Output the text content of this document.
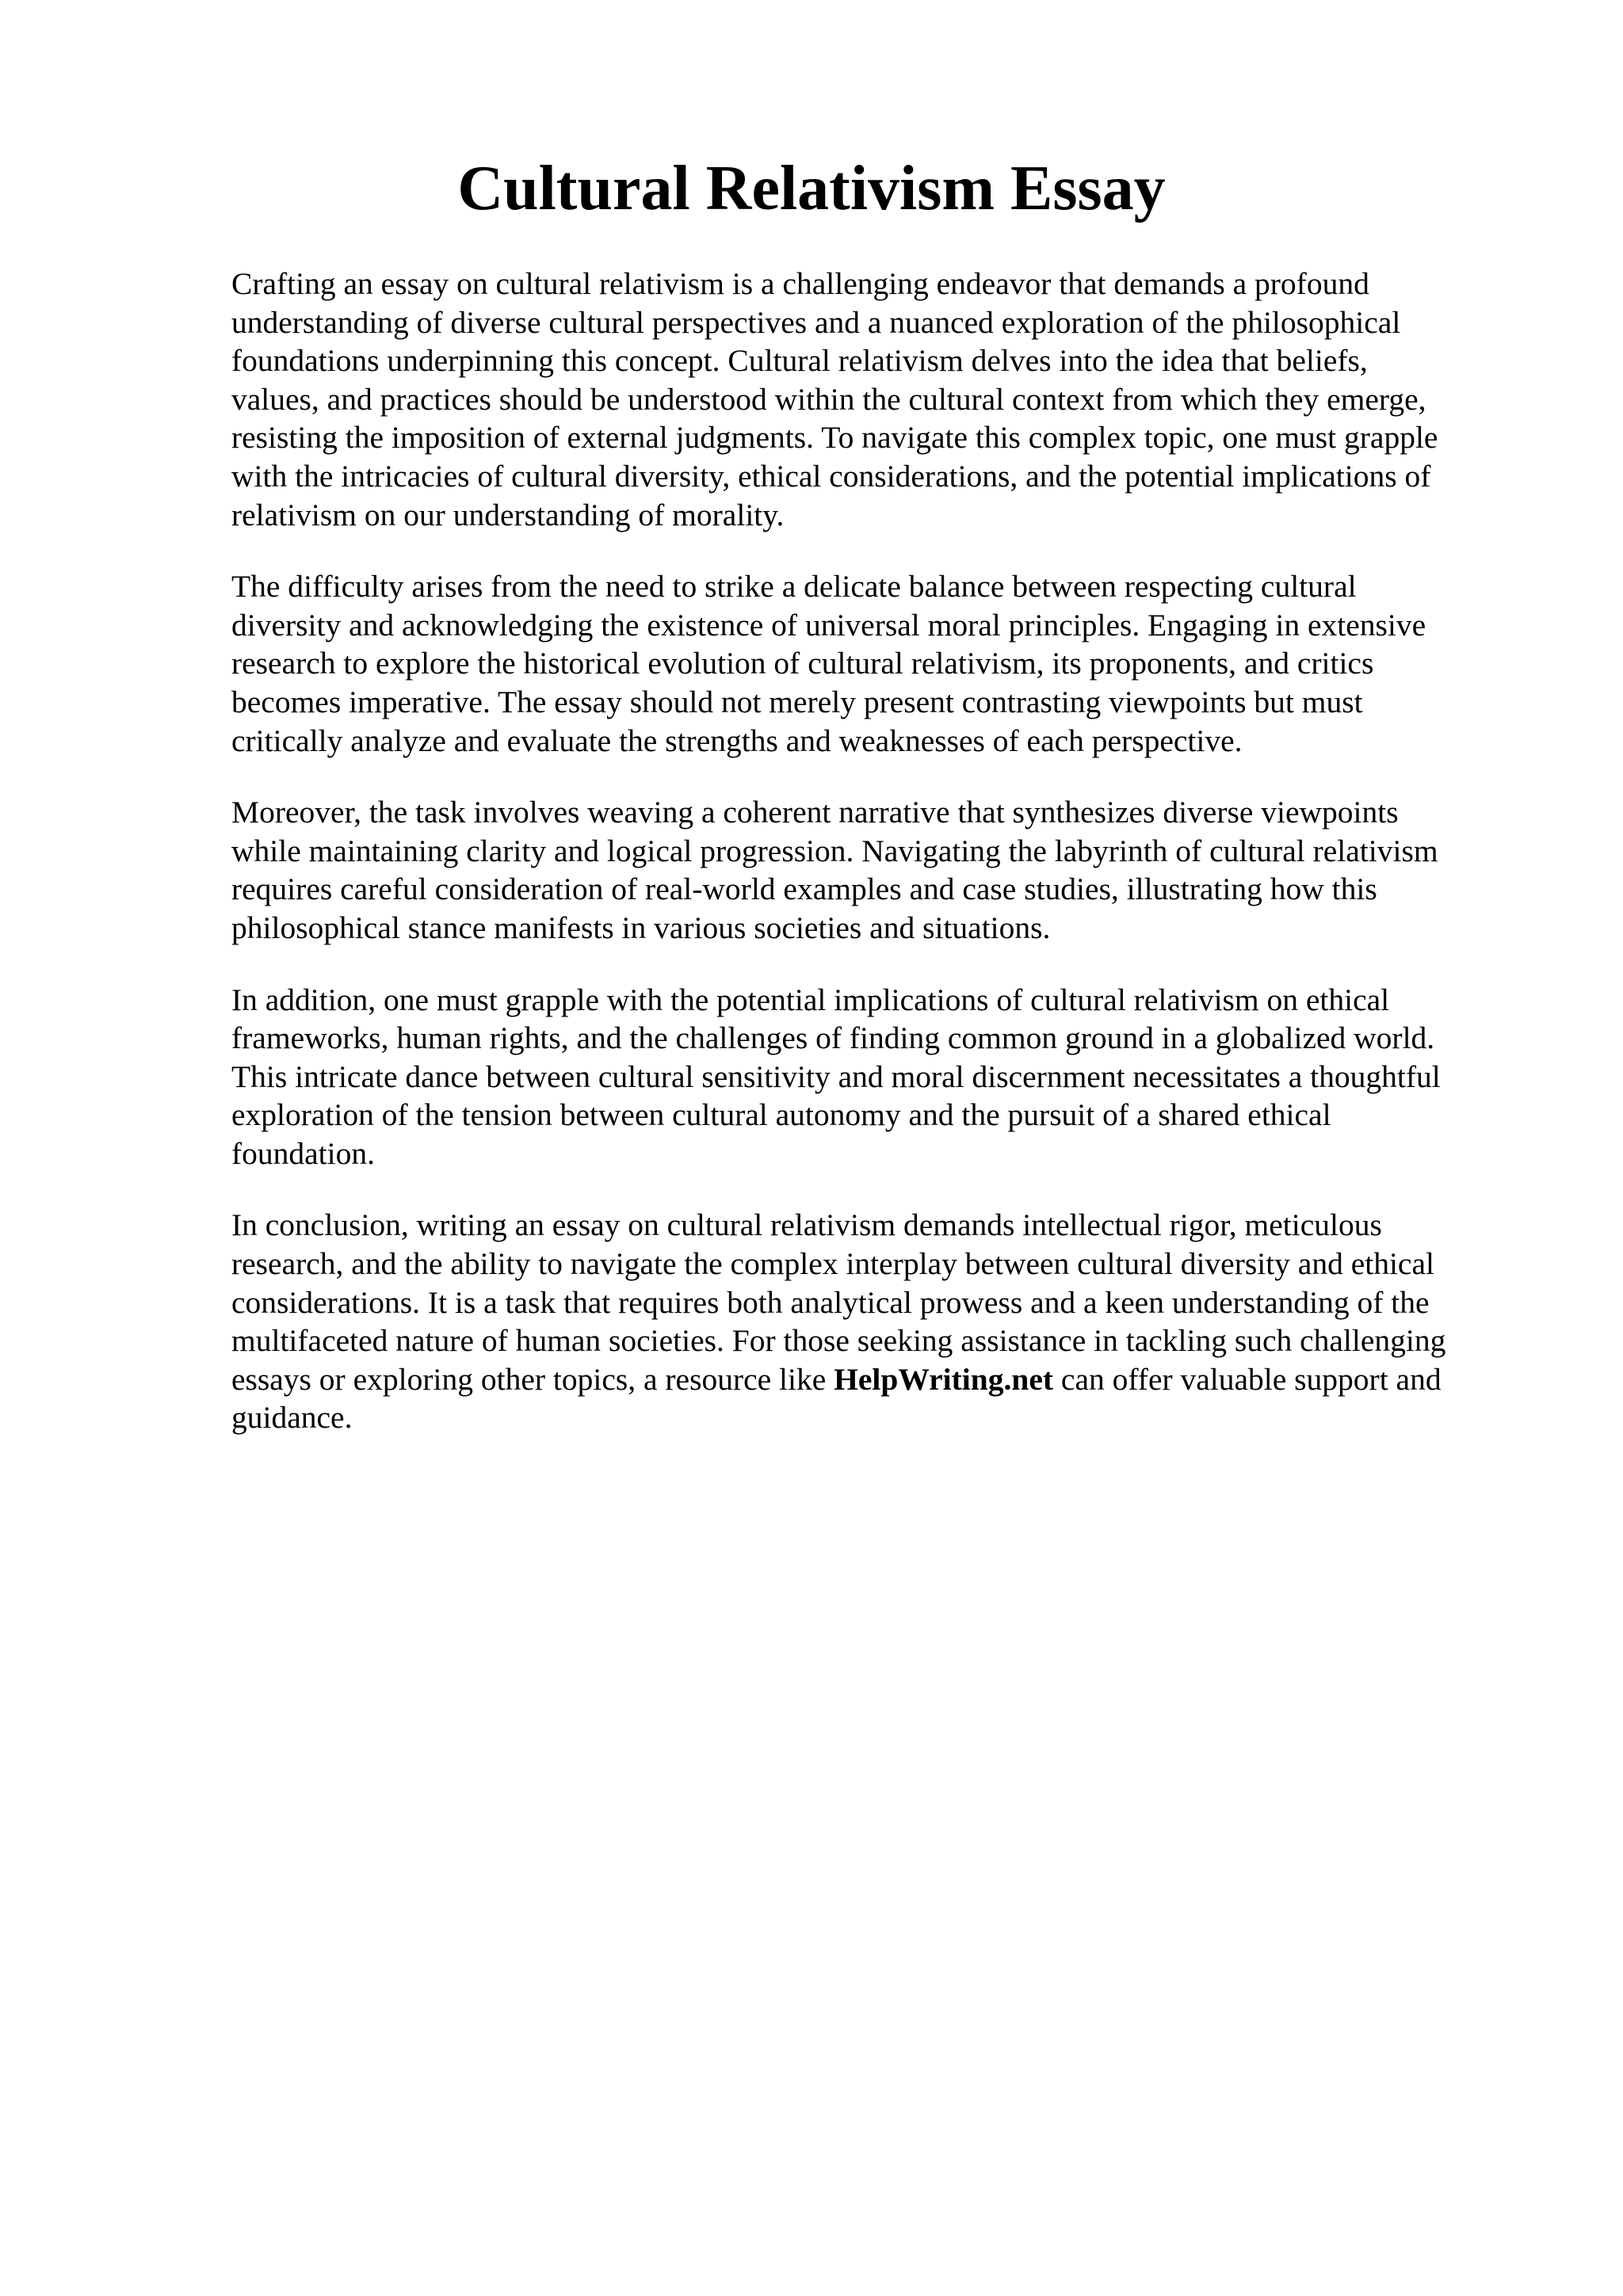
Cultural Relativism Essay

Crafting an essay on cultural relativism is a challenging endeavor that demands a profound
understanding of diverse cultural perspectives and a nuanced exploration of the philosophical
foundations underpinning this concept. Cultural relativism delves into the idea that beliefs,
values, and practices should be understood within the cultural context from which they emerge,
resisting the imposition of external judgments. To navigate this complex topic, one must grapple
with the intricacies of cultural diversity, ethical considerations, and the potential implications of
relativism on our understanding of morality.

The difficulty arises from the need to strike a delicate balance between respecting cultural
diversity and acknowledging the existence of universal moral principles. Engaging in extensive
research to explore the historical evolution of cultural relativism, its proponents, and critics
becomes imperative. The essay should not merely present contrasting viewpoints but must
critically analyze and evaluate the strengths and weaknesses of each perspective.

Moreover, the task involves weaving a coherent narrative that synthesizes diverse viewpoints
while maintaining clarity and logical progression. Navigating the labyrinth of cultural relativism
requires careful consideration of real-world examples and case studies, illustrating how this
philosophical stance manifests in various societies and situations.

In addition, one must grapple with the potential implications of cultural relativism on ethical
frameworks, human rights, and the challenges of finding common ground in a globalized world.
This intricate dance between cultural sensitivity and moral discernment necessitates a thoughtful
exploration of the tension between cultural autonomy and the pursuit of a shared ethical
foundation.

In conclusion, writing an essay on cultural relativism demands intellectual rigor, meticulous
research, and the ability to navigate the complex interplay between cultural diversity and ethical
considerations. It is a task that requires both analytical prowess and a keen understanding of the
multifaceted nature of human societies. For those seeking assistance in tackling such challenging
essays or exploring other topics, a resource like HelpWriting.net can offer valuable support and
guidance.
